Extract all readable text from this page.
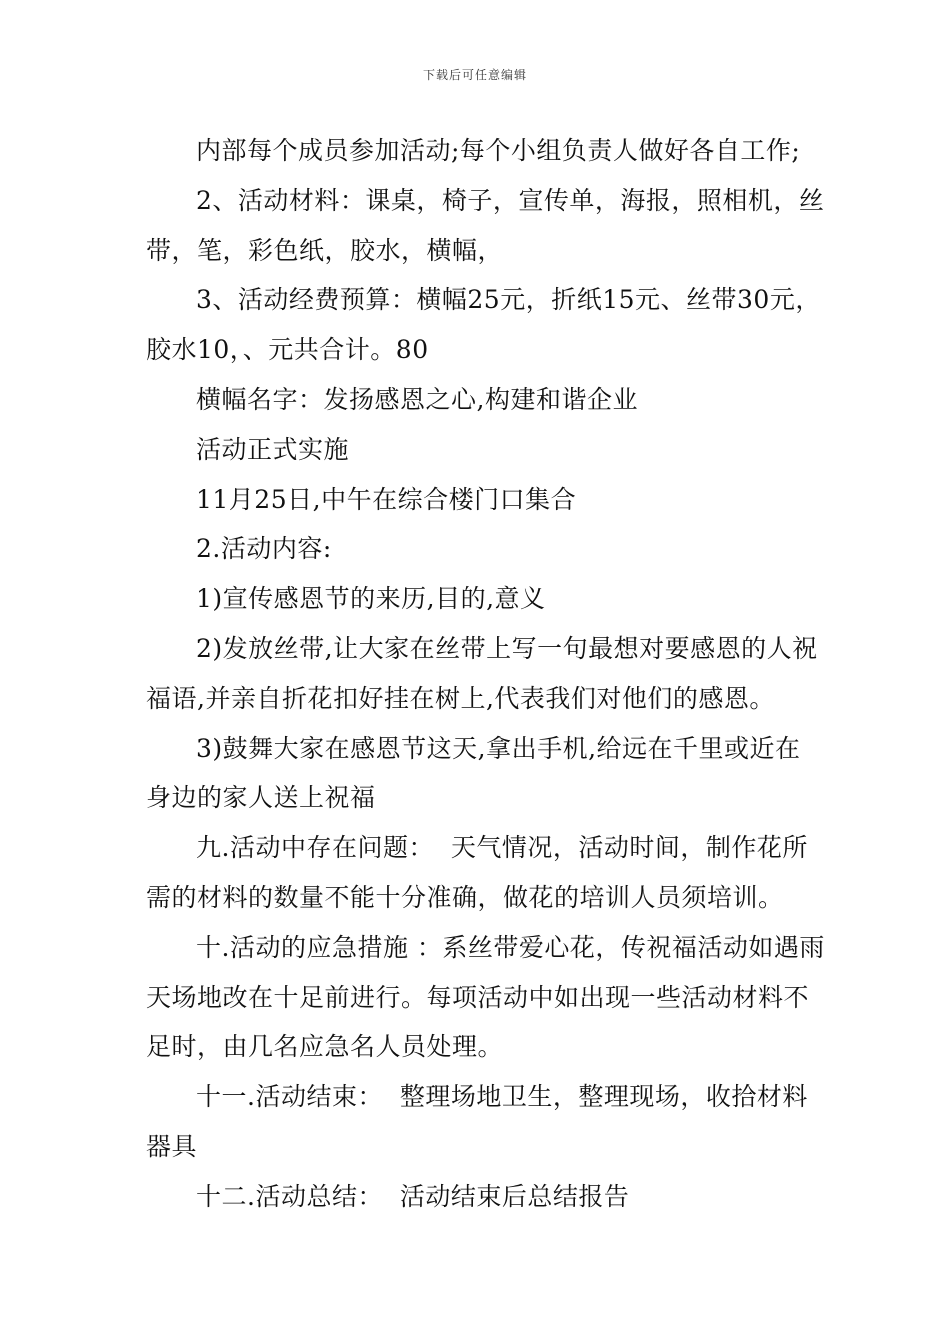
下载后可任意编辑

内部每个成员参加活动;每个小组负责人做好各自工作;

2、活动材料：课桌，椅子，宣传单，海报，照相机，丝带，笔，彩色纸，胶水，横幅，

3、活动经费预算：横幅25元，折纸15元、丝带30元，胶水10，、元共合计。80

横幅名字：发扬感恩之心,构建和谐企业

活动正式实施

11月25日,中午在综合楼门口集合

2.活动内容:

1)宣传感恩节的来历,目的,意义

2)发放丝带,让大家在丝带上写一句最想对要感恩的人祝福语,并亲自折花扣好挂在树上,代表我们对他们的感恩。

3)鼓舞大家在感恩节这天,拿出手机,给远在千里或近在身边的家人送上祝福

九.活动中存在问题：  天气情况，活动时间，制作花所需的材料的数量不能十分准确，做花的培训人员须培训。

十.活动的应急措施 ：系丝带爱心花，传祝福活动如遇雨天场地改在十足前进行。每项活动中如出现一些活动材料不足时，由几名应急名人员处理。

十一.活动结束：  整理场地卫生，整理现场，收拾材料器具

十二.活动总结：  活动结束后总结报告
